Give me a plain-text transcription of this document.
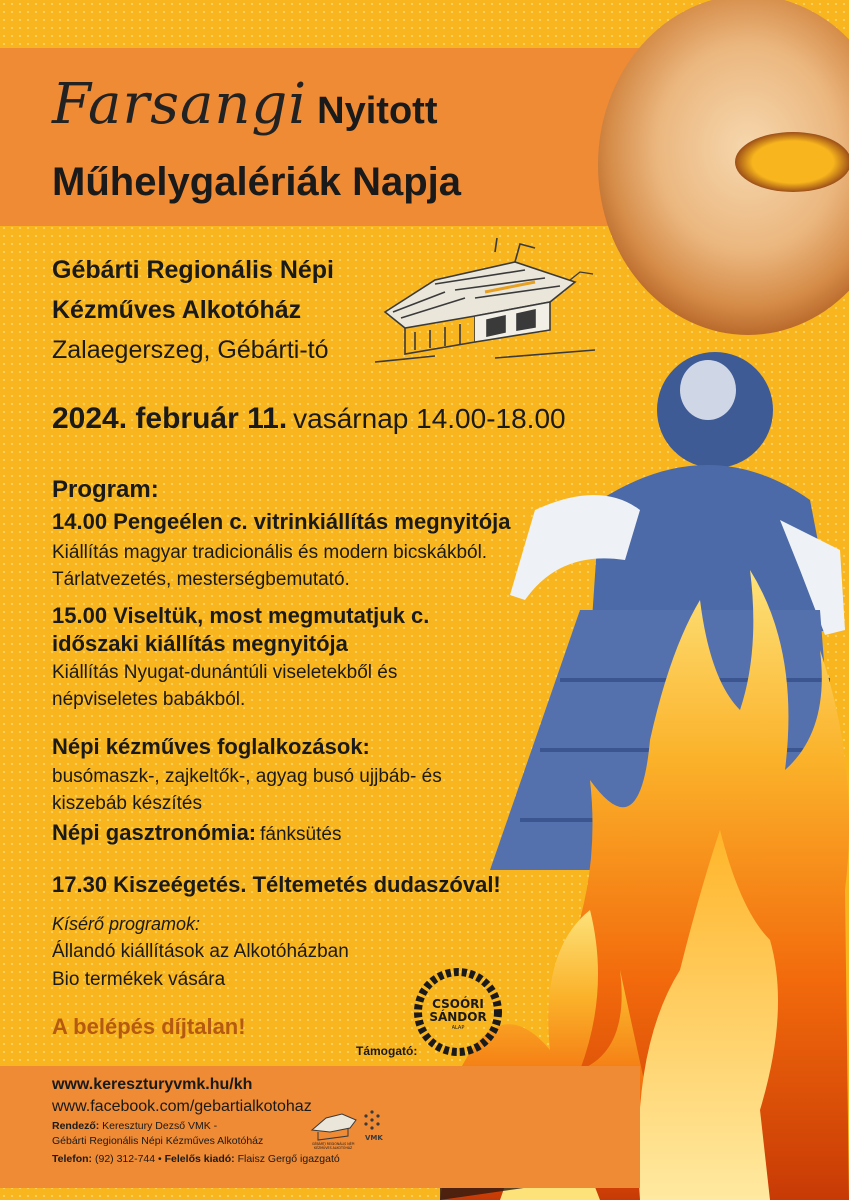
Farsangi Nyitott
Műhelygalériák Napja
Gébárti Regionális Népi
Kézműves Alkotóház
Zalaegerszeg, Gébárti-tó
2024. február 11. vasárnap 14.00-18.00
Program:
14.00 Pengeélen c. vitrinkiállítás megnyitója
Kiállítás magyar tradicionális és modern bicskákból.
Tárlatvezetés, mesterségbemutató.
15.00 Viseltük, most megmutatjuk c.
időszaki kiállítás megnyitója
Kiállítás Nyugat-dunántúli viseletekből és
népviseletes babákból.
Népi kézműves foglalkozások:
busómaszk-, zajkeltők-, agyag busó ujjbáb- és
kiszebáb készítés
Népi gasztronómia: fánksütés
17.30 Kiszeégetés. Téltemetés dudaszóval!
Kísérő programok:
Állandó kiállítások az Alkotóházban
Bio termékek vására
A belépés díjtalan!
CSOÓRI
SÁNDOR
ALAP
Támogató:
www.kereszturyvmk.hu/kh
www.facebook.com/gebartialkotohaz
Rendező: Keresztury Dezső VMK -
Gébárti Regionális Népi Kézműves Alkotóház
Telefon: (92) 312-744 • Felelős kiadó: Flaisz Gergő igazgató
GÉBÁRTI REGIONÁLIS NÉPI
KÉZMŰVES ALKOTÓHÁZ
VMK
